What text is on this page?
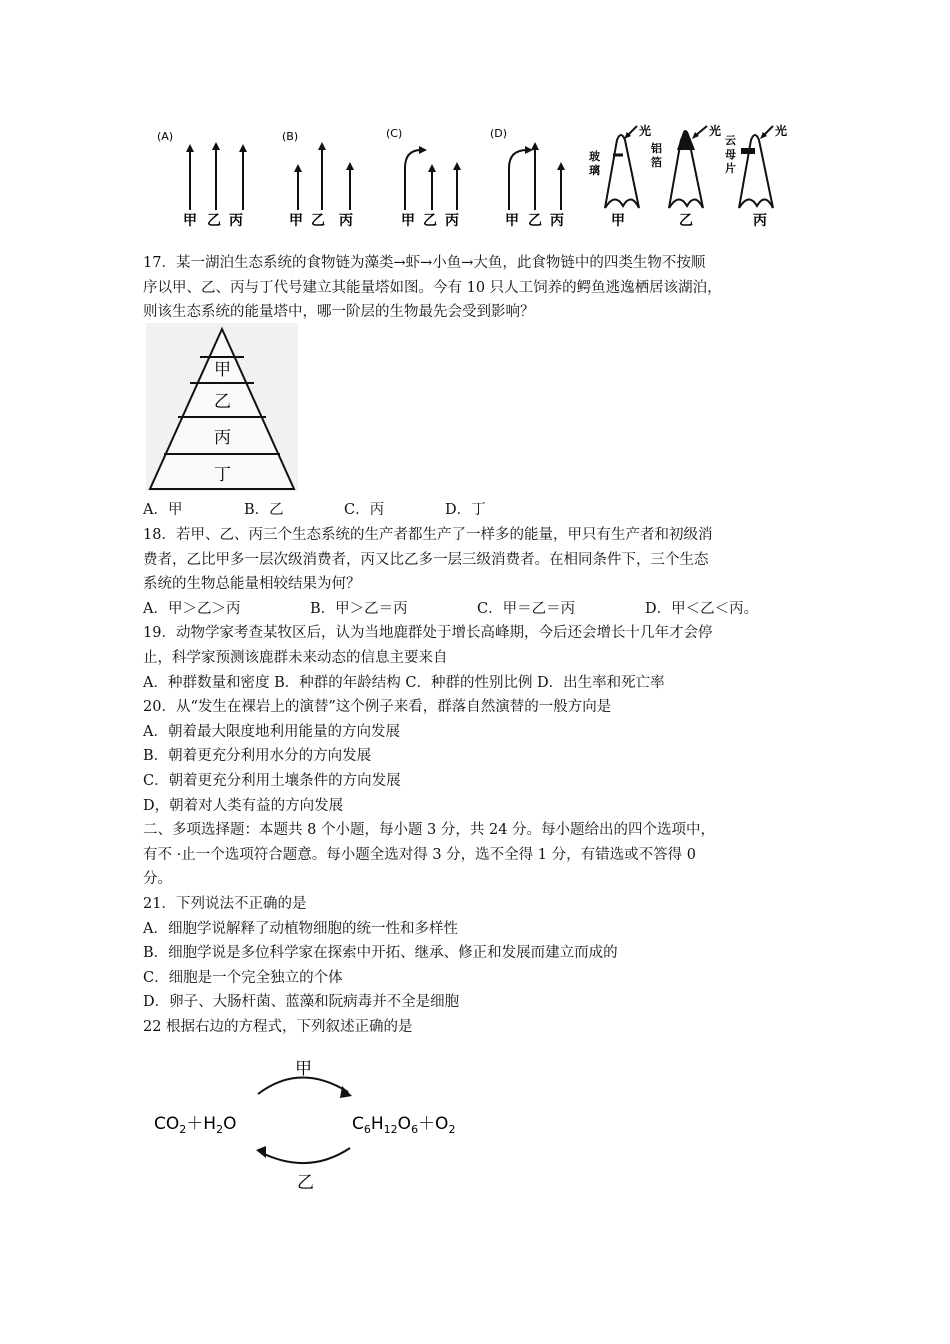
(A)	(B)	(C)	(D)
甲 乙 丙	甲 乙 丙	甲 乙 丙	甲 乙 丙
光
玻璃
甲
光
铝箔
乙
光
云母片
丙
17．某一湖泊生态系统的食物链为藻类→虾→小鱼→大鱼，此食物链中的四类生物不按顺
序以甲、乙、丙与丁代号建立其能量塔如图。今有 10 只人工饲养的鳄鱼逃逸栖居该湖泊，
则该生态系统的能量塔中，哪一阶层的生物最先会受到影响？
甲
乙
丙
丁
A．甲	B．乙	C．丙	D．丁
18．若甲、乙、丙三个生态系统的生产者都生产了一样多的能量，甲只有生产者和初级消
费者，乙比甲多一层次级消费者，丙又比乙多一层三级消费者。在相同条件下，三个生态
系统的生物总能量相较结果为何？
A．甲＞乙＞丙	B．甲＞乙＝丙	C．甲＝乙＝丙	D．甲＜乙＜丙。
19．动物学家考查某牧区后，认为当地鹿群处于增长高峰期，今后还会增长十几年才会停
止，科学家预测该鹿群未来动态的信息主要来自
A．种群数量和密度 B．种群的年龄结构 C．种群的性别比例 D．出生率和死亡率
20．从“发生在裸岩上的演替”这个例子来看，群落自然演替的一般方向是
A．朝着最大限度地利用能量的方向发展
B．朝着更充分利用水分的方向发展
C．朝着更充分利用土壤条件的方向发展
D，朝着对人类有益的方向发展
二、多项选择题：本题共 8 个小题，每小题 3 分，共 24 分。每小题给出的四个选项中，
有不 ·止一个选项符合题意。每小题全选对得 3 分，选不全得 1 分，有错选或不答得 0
分。
21．下列说法不正确的是
A．细胞学说解释了动植物细胞的统一性和多样性
B．细胞学说是多位科学家在探索中开拓、继承、修正和发展而建立而成的
C．细胞是一个完全独立的个体
D．卵子、大肠杆菌、蓝藻和阮病毒并不全是细胞
22 根据右边的方程式，下列叙述正确的是
甲
乙
$CO_2+H_2O$	$C_6H_{12}O_6+O_2$
